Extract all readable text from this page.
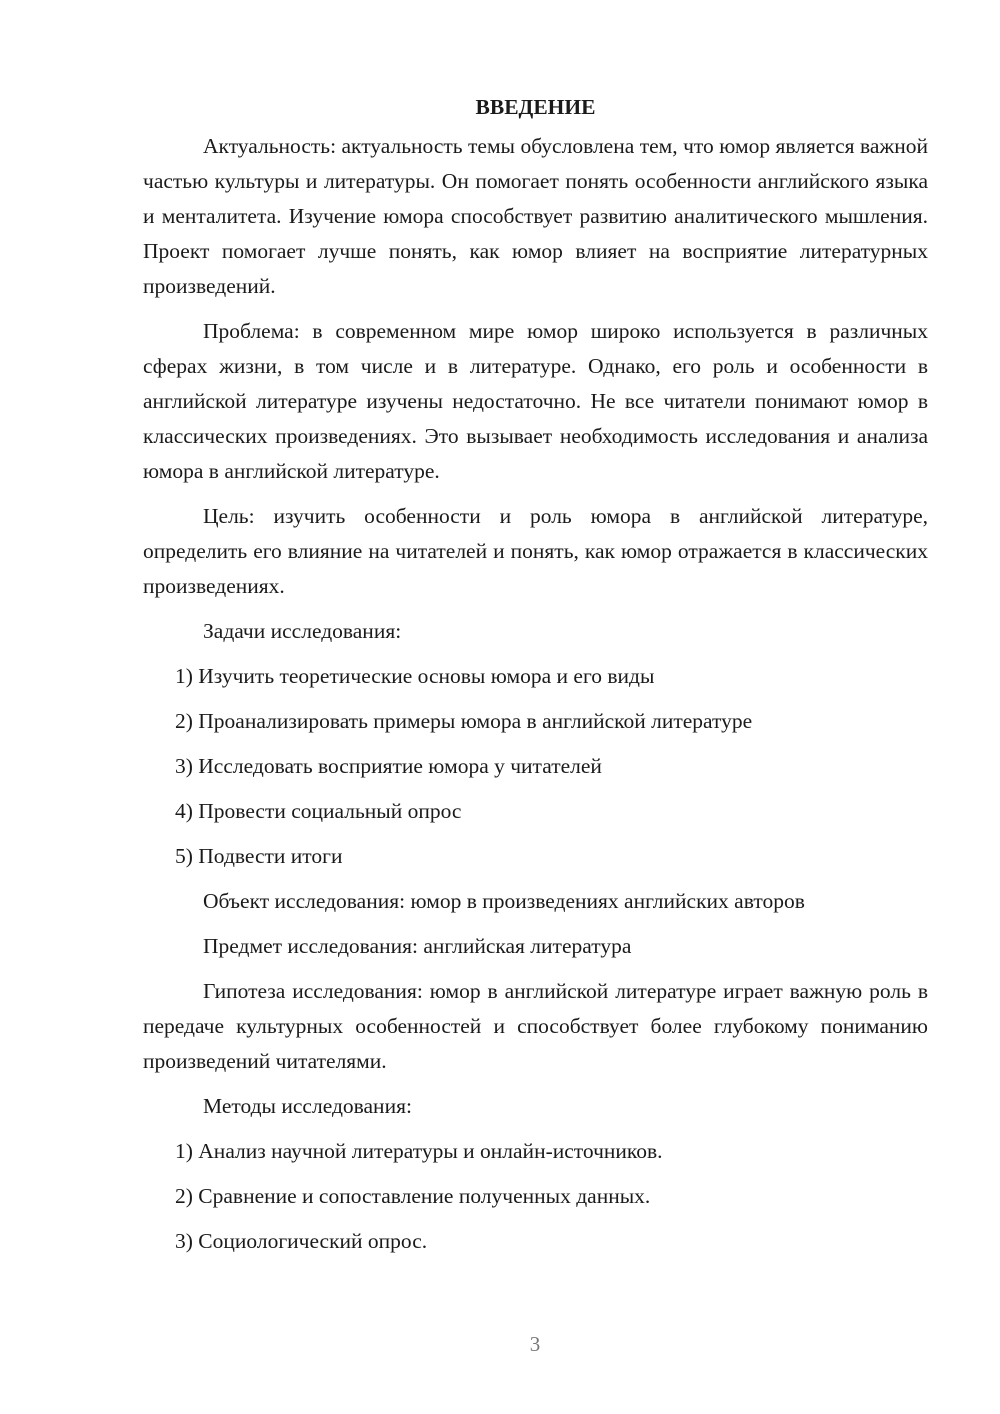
ВВЕДЕНИЕ
Актуальность: актуальность темы обусловлена тем, что юмор является важной частью культуры и литературы. Он помогает понять особенности английского языка и менталитета. Изучение юмора способствует развитию аналитического мышления. Проект помогает лучше понять, как юмор влияет на восприятие литературных произведений.
Проблема: в современном мире юмор широко используется в различных сферах жизни, в том числе и в литературе. Однако, его роль и особенности в английской литературе изучены недостаточно. Не все читатели понимают юмор в классических произведениях. Это вызывает необходимость исследования и анализа юмора в английской литературе.
Цель: изучить особенности и роль юмора в английской литературе, определить его влияние на читателей и понять, как юмор отражается в классических произведениях.
Задачи исследования:
1) Изучить теоретические основы юмора и его виды
2) Проанализировать примеры юмора в английской литературе
3) Исследовать восприятие юмора у читателей
4) Провести социальный опрос
5) Подвести итоги
Объект исследования: юмор в произведениях английских авторов
Предмет исследования: английская литература
Гипотеза исследования: юмор в английской литературе играет важную роль в передаче культурных особенностей и способствует более глубокому пониманию произведений читателями.
Методы исследования:
1) Анализ научной литературы и онлайн-источников.
2) Сравнение и сопоставление полученных данных.
3) Социологический опрос.
3
